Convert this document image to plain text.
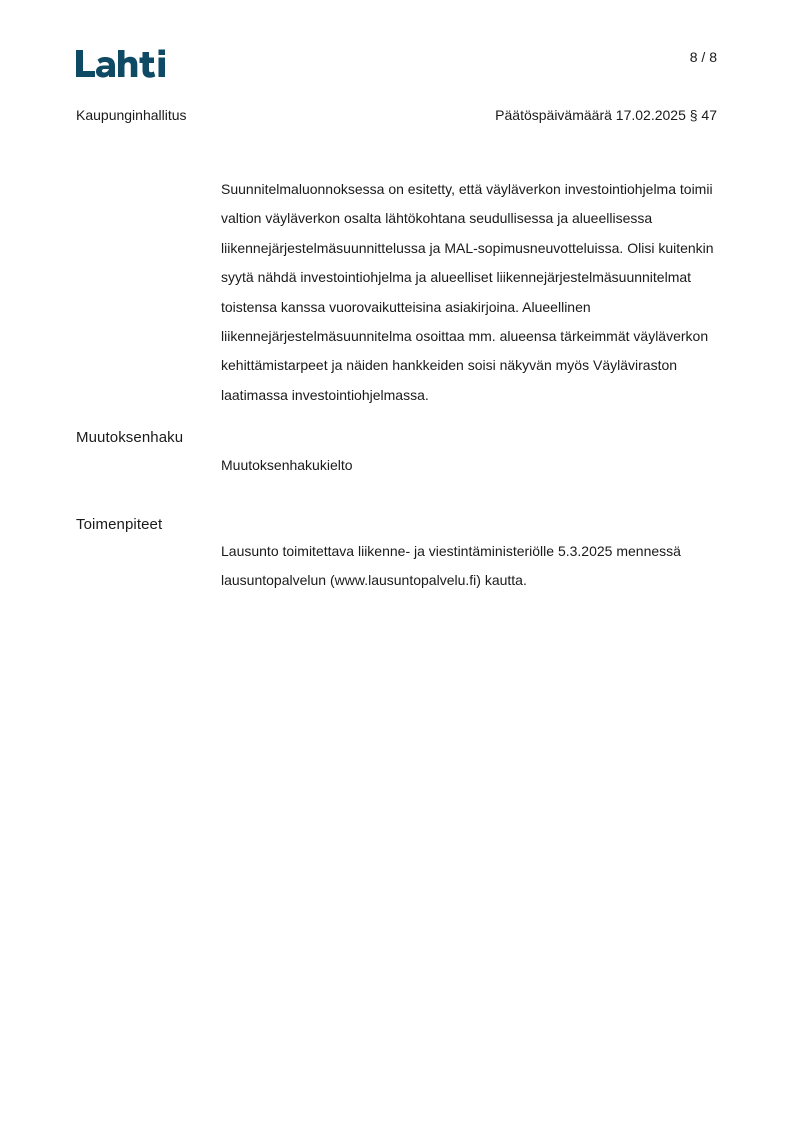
8 / 8
Kaupunginhallitus	Päätöspäivämäärä 17.02.2025 § 47

Suunnitelmaluonnoksessa on esitetty, että väyläverkon investointiohjelma toimii valtion väyläverkon osalta lähtökohtana seudullisessa ja alueellisessa liikennejärjestelmäsuunnittelussa ja MAL-sopimusneuvotteluissa. Olisi kuitenkin syytä nähdä investointiohjelma ja alueelliset liikennejärjestelmäsuunnitelmat toistensa kanssa vuorovaikutteisina asiakirjoina. Alueellinen liikennejärjestelmäsuunnitelma osoittaa mm. alueensa tärkeimmät väyläverkon kehittämistarpeet ja näiden hankkeiden soisi näkyvän myös Väyläviraston laatimassa investointiohjelmassa.

Muutoksenhaku

Muutoksenhakukielto

Toimenpiteet

Lausunto toimitettava liikenne- ja viestintäministeriölle 5.3.2025 mennessä lausuntopalvelun (www.lausuntopalvelu.fi) kautta.
